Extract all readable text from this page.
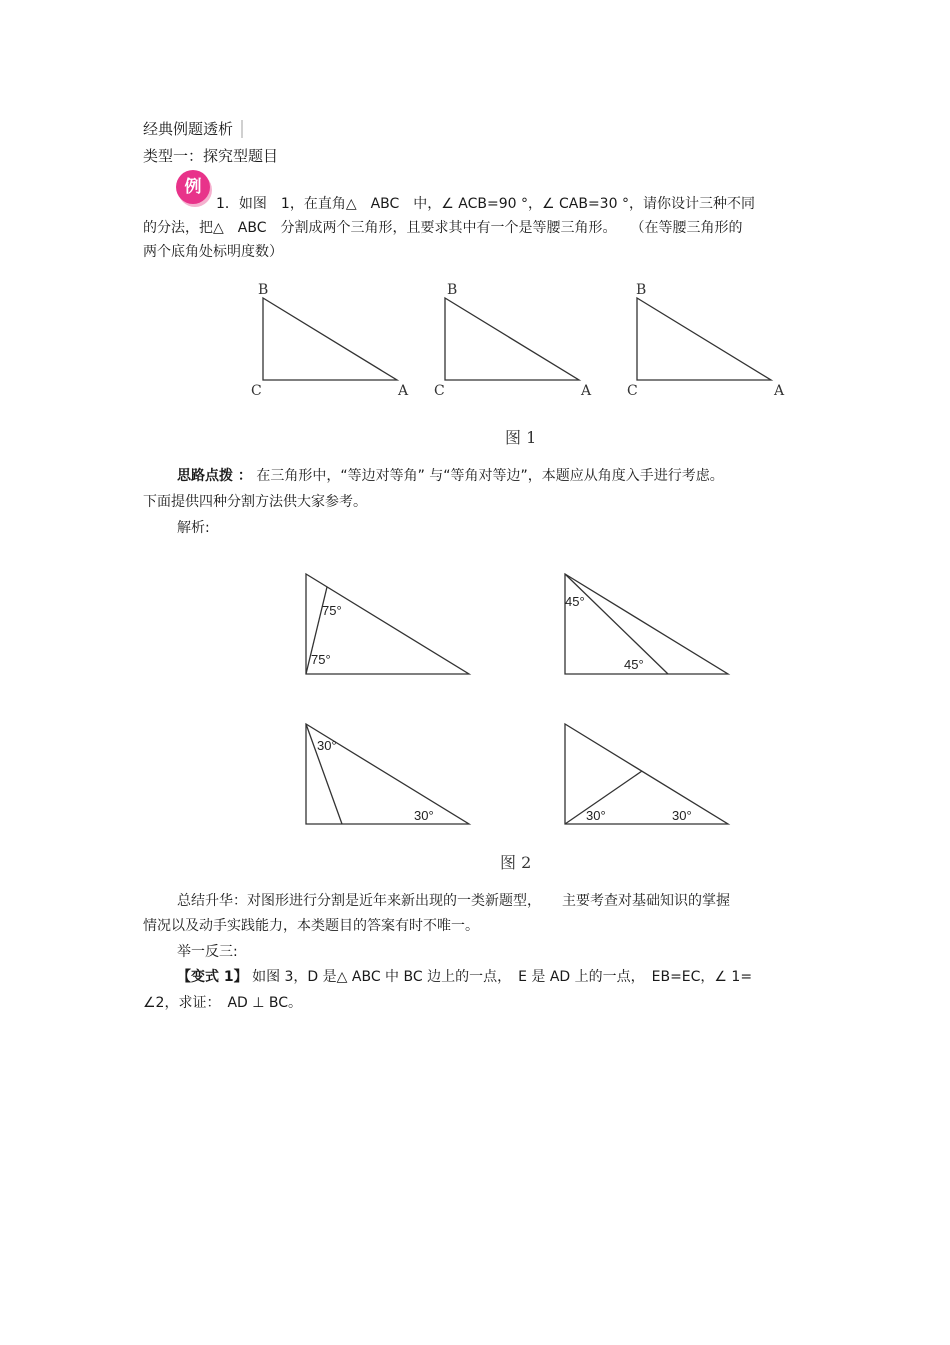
经典例题透析
类型一：探究型题目
例
1．如图　1，在直角△　ABC　中，∠ ACB=90 °，∠ CAB=30 °，请你设计三种不同
的分法，把△　ABC　分割成两个三角形，且要求其中有一个是等腰三角形。　　（在等腰三角形的
两个底角处标明度数）
B
C	A
B
C	A
B
C	A
图 1
思路点拨 ： 在三角形中，“等边对等角” 与“等角对等边”，本题应从角度入手进行考虑。
下面提供四种分割方法供大家参考。
解析:
75°
75°
45°
45°
30°
30°	30°	30°
图 2
总结升华：对图形进行分割是近年来新出现的一类新题型，　　主要考查对基础知识的掌握
情况以及动手实践能力，本类题目的答案有时不唯一。
举一反三:
【变式 1】 如图 3，D 是△ ABC 中 BC 边上的一点，　E 是 AD 上的一点，　EB=EC，∠ 1=
∠2，求证：　AD ⊥ BC。
